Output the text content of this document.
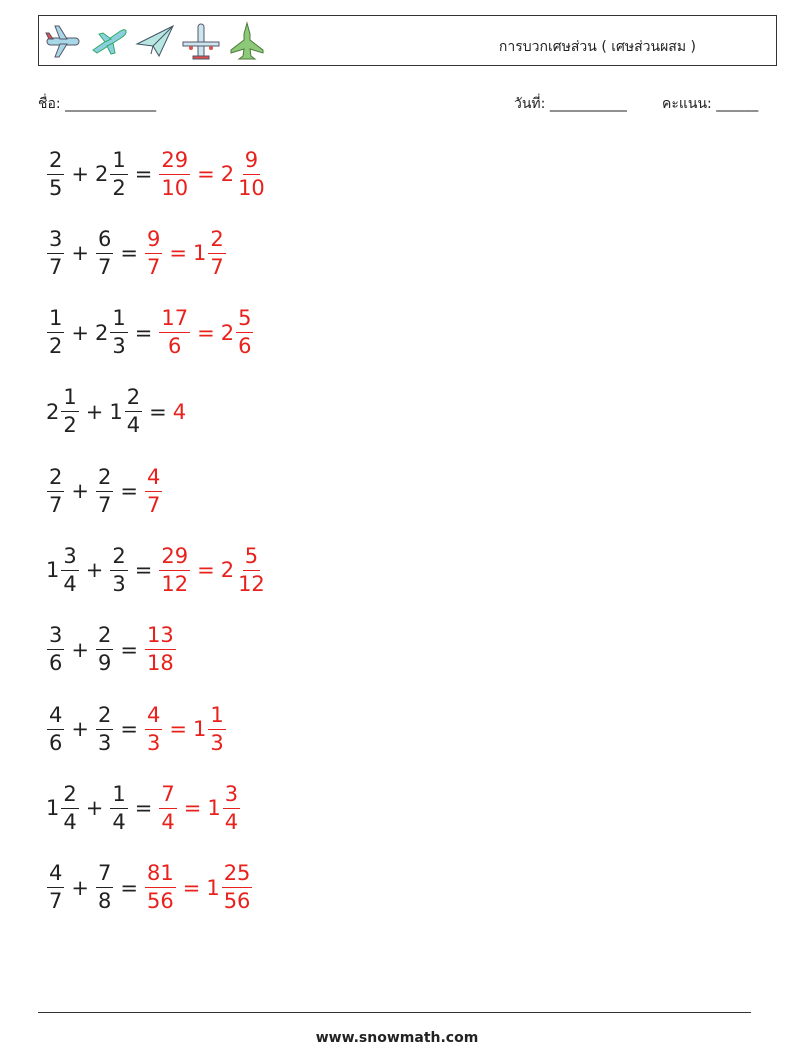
การบวกเศษส่วน ( เศษส่วนผสม )
ชื่อ: _____________	วันที่: ___________	คะแนน: ______
$\frac{2}{5} + 2 \frac{1}{2} = \frac{29}{10} = 2 \frac{9}{10}$
$\frac{3}{7} + \frac{6}{7} = \frac{9}{7} = 1 \frac{2}{7}$
$\frac{1}{2} + 2 \frac{1}{3} = \frac{17}{6} = 2 \frac{5}{6}$
$2 \frac{1}{2} + 1 \frac{2}{4} = 4$
$\frac{2}{7} + \frac{2}{7} = \frac{4}{7}$
$1 \frac{3}{4} + \frac{2}{3} = \frac{29}{12} = 2 \frac{5}{12}$
$\frac{3}{6} + \frac{2}{9} = \frac{13}{18}$
$\frac{4}{6} + \frac{2}{3} = \frac{4}{3} = 1 \frac{1}{3}$
$1 \frac{2}{4} + \frac{1}{4} = \frac{7}{4} = 1 \frac{3}{4}$
$\frac{4}{7} + \frac{7}{8} = \frac{81}{56} = 1 \frac{25}{56}$
www.snowmath.com
